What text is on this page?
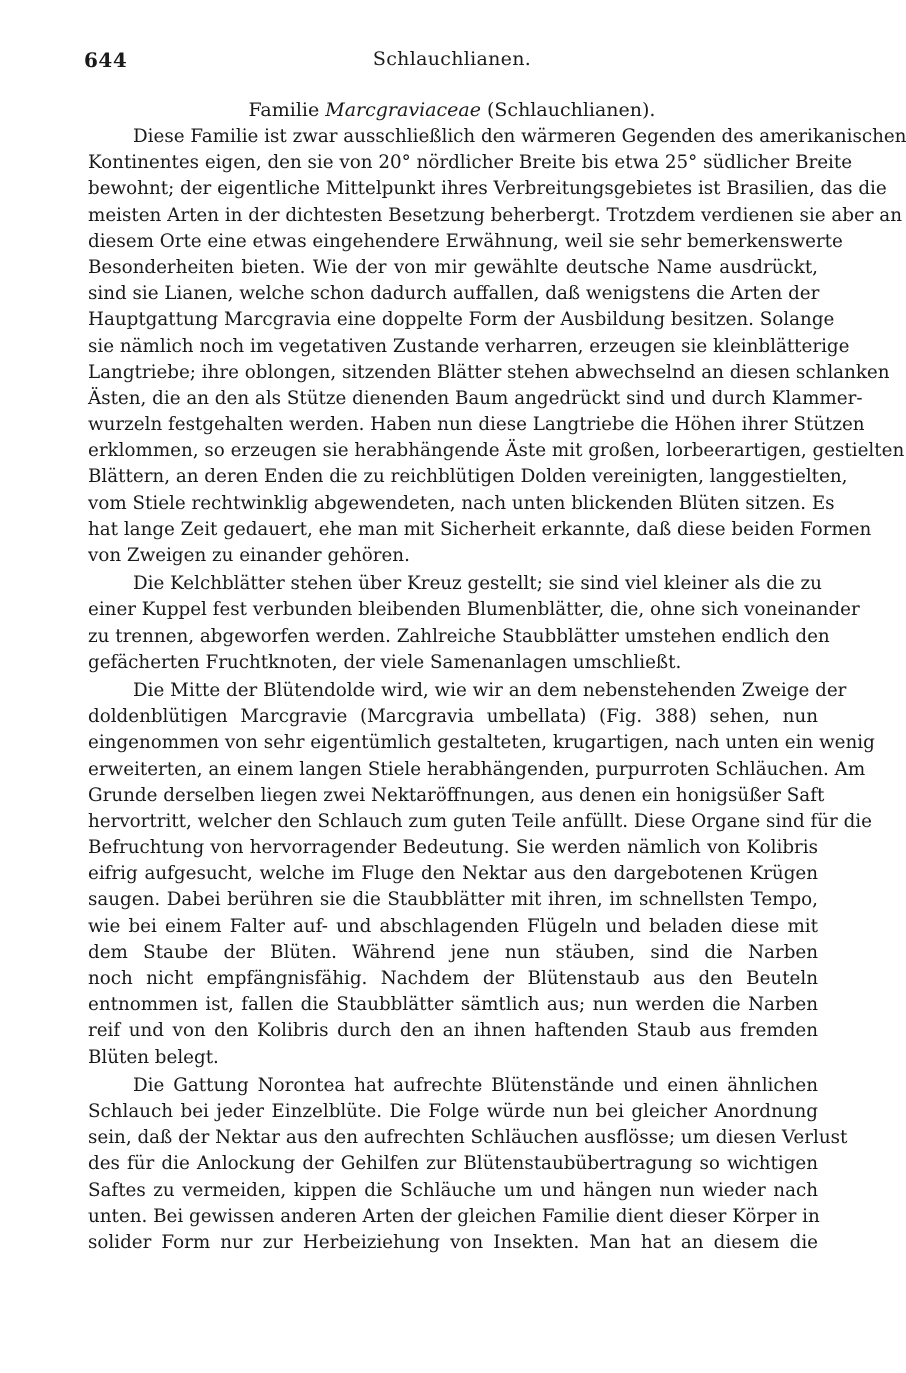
644	Schlauchlianen.
Familie Marcgraviaceae (Schlauchlianen).
Diese Familie ist zwar ausschließlich den wärmeren Gegenden des amerikanischen
Kontinentes eigen, den sie von 20° nördlicher Breite bis etwa 25° südlicher Breite
bewohnt; der eigentliche Mittelpunkt ihres Verbreitungsgebietes ist Brasilien, das die
meisten Arten in der dichtesten Besetzung beherbergt. Trotzdem verdienen sie aber an
diesem Orte eine etwas eingehendere Erwähnung, weil sie sehr bemerkenswerte
Besonderheiten bieten. Wie der von mir gewählte deutsche Name ausdrückt,
sind sie Lianen, welche schon dadurch auffallen, daß wenigstens die Arten der
Hauptgattung Marcgravia eine doppelte Form der Ausbildung besitzen. Solange
sie nämlich noch im vegetativen Zustande verharren, erzeugen sie kleinblätterige
Langtriebe; ihre oblongen, sitzenden Blätter stehen abwechselnd an diesen schlanken
Ästen, die an den als Stütze dienenden Baum angedrückt sind und durch Klammer-
wurzeln festgehalten werden. Haben nun diese Langtriebe die Höhen ihrer Stützen
erklommen, so erzeugen sie herabhängende Äste mit großen, lorbeerartigen, gestielten
Blättern, an deren Enden die zu reichblütigen Dolden vereinigten, langgestielten,
vom Stiele rechtwinklig abgewendeten, nach unten blickenden Blüten sitzen. Es
hat lange Zeit gedauert, ehe man mit Sicherheit erkannte, daß diese beiden Formen
von Zweigen zu einander gehören.
Die Kelchblätter stehen über Kreuz gestellt; sie sind viel kleiner als die zu
einer Kuppel fest verbunden bleibenden Blumenblätter, die, ohne sich voneinander
zu trennen, abgeworfen werden. Zahlreiche Staubblätter umstehen endlich den
gefächerten Fruchtknoten, der viele Samenanlagen umschließt.
Die Mitte der Blütendolde wird, wie wir an dem nebenstehenden Zweige der
doldenblütigen Marcgravie (Marcgravia umbellata) (Fig. 388) sehen, nun
eingenommen von sehr eigentümlich gestalteten, krugartigen, nach unten ein wenig
erweiterten, an einem langen Stiele herabhängenden, purpurroten Schläuchen. Am
Grunde derselben liegen zwei Nektaröffnungen, aus denen ein honigsüßer Saft
hervortritt, welcher den Schlauch zum guten Teile anfüllt. Diese Organe sind für die
Befruchtung von hervorragender Bedeutung. Sie werden nämlich von Kolibris
eifrig aufgesucht, welche im Fluge den Nektar aus den dargebotenen Krügen
saugen. Dabei berühren sie die Staubblätter mit ihren, im schnellsten Tempo,
wie bei einem Falter auf- und abschlagenden Flügeln und beladen diese mit
dem Staube der Blüten. Während jene nun stäuben, sind die Narben
noch nicht empfängnisfähig. Nachdem der Blütenstaub aus den Beuteln
entnommen ist, fallen die Staubblätter sämtlich aus; nun werden die Narben
reif und von den Kolibris durch den an ihnen haftenden Staub aus fremden
Blüten belegt.
Die Gattung Norontea hat aufrechte Blütenstände und einen ähnlichen
Schlauch bei jeder Einzelblüte. Die Folge würde nun bei gleicher Anordnung
sein, daß der Nektar aus den aufrechten Schläuchen ausflösse; um diesen Verlust
des für die Anlockung der Gehilfen zur Blütenstaubübertragung so wichtigen
Saftes zu vermeiden, kippen die Schläuche um und hängen nun wieder nach
unten. Bei gewissen anderen Arten der gleichen Familie dient dieser Körper in
solider Form nur zur Herbeiziehung von Insekten. Man hat an diesem die
